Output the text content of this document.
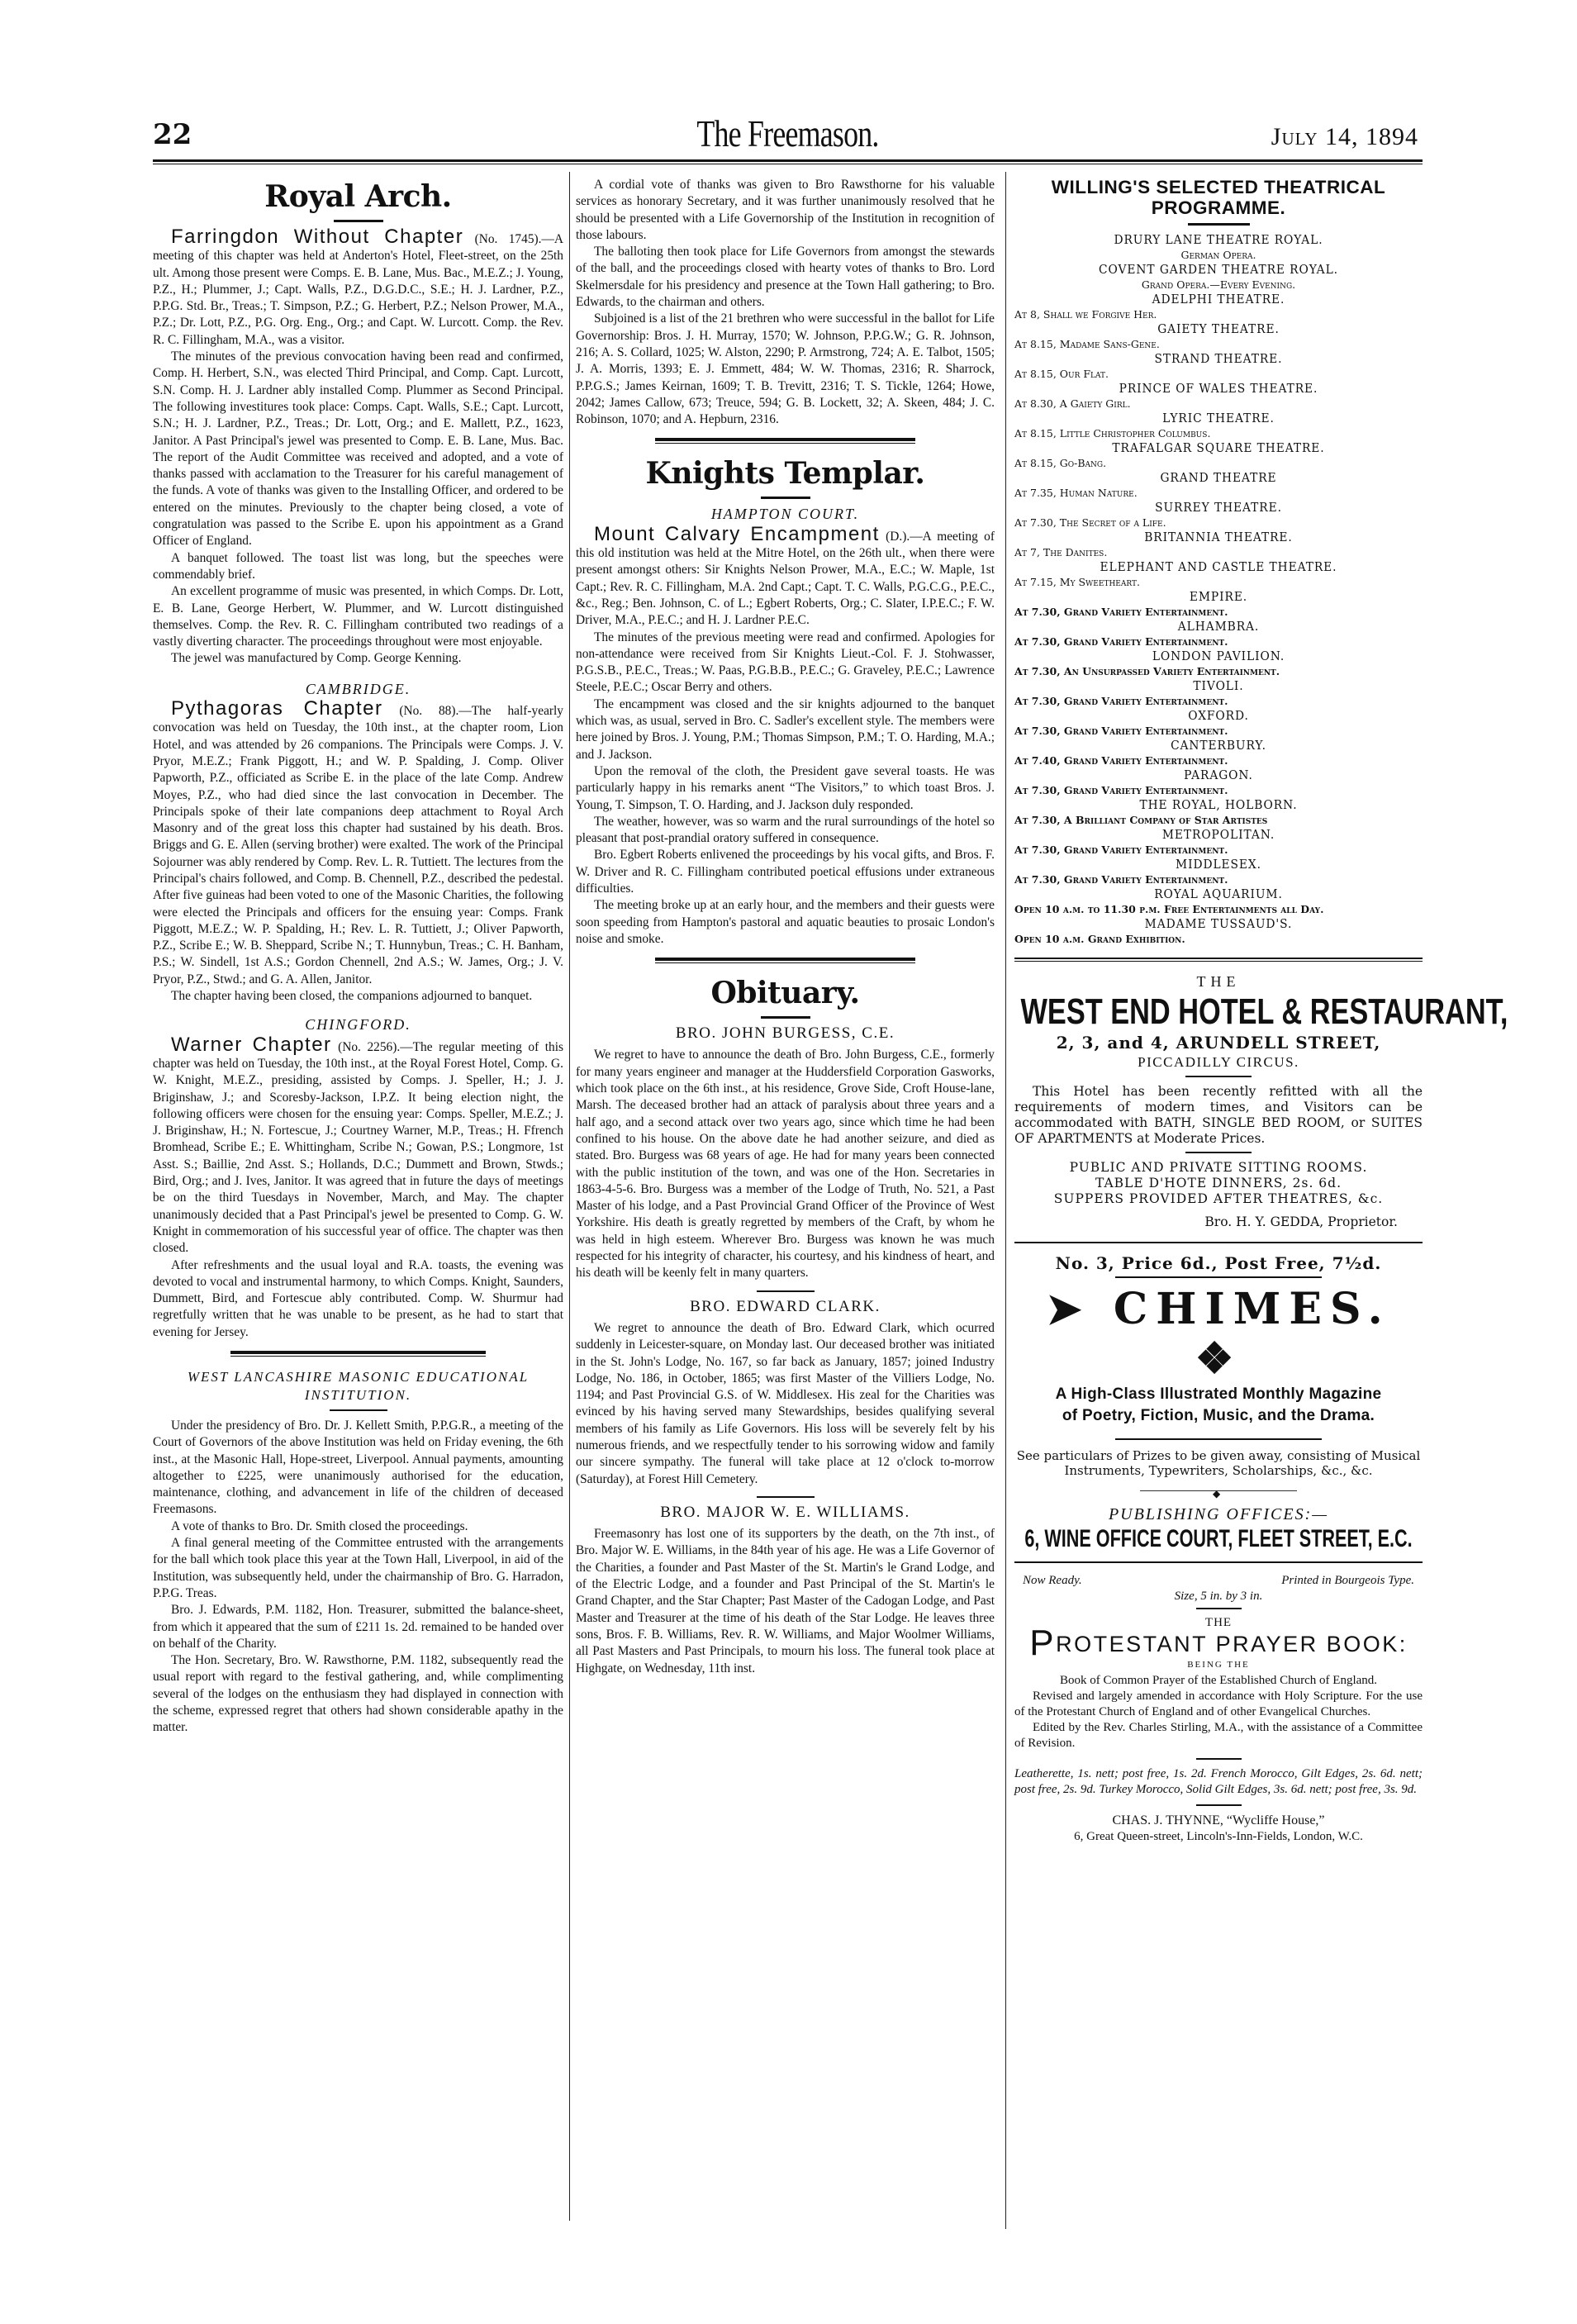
22	The Freemason.	July 14, 1894
Royal Arch.

Farringdon Without Chapter (No. 1745).—A meeting of this chapter was held at Anderton's Hotel, Fleet-street, on the 25th ult. Among those present were Comps. E. B. Lane, Mus. Bac., M.E.Z.; J. Young, P.Z., H.; Plummer, J.; Capt. Walls, P.Z., D.G.D.C., S.E.; H. J. Lardner, P.Z., P.P.G. Std. Br., Treas.; T. Simpson, P.Z.; G. Herbert, P.Z.; Nelson Prower, M.A., P.Z.; Dr. Lott, P.Z., P.G. Org. Eng., Org.; and Capt. W. Lurcott. Comp. the Rev. R. C. Fillingham, M.A., was a visitor.

The minutes of the previous convocation having been read and confirmed, Comp. H. Herbert, S.N., was elected Third Principal, and Comp. Capt. Lurcott, S.N. Comp. H. J. Lardner ably installed Comp. Plummer as Second Principal. The following investitures took place: Comps. Capt. Walls, S.E.; Capt. Lurcott, S.N.; H. J. Lardner, P.Z., Treas.; Dr. Lott, Org.; and E. Mallett, P.Z., 1623, Janitor. A Past Principal's jewel was presented to Comp. E. B. Lane, Mus. Bac. The report of the Audit Committee was received and adopted, and a vote of thanks passed with acclamation to the Treasurer for his careful management of the funds. A vote of thanks was given to the Installing Officer, and ordered to be entered on the minutes. Previously to the chapter being closed, a vote of congratulation was passed to the Scribe E. upon his appointment as a Grand Officer of England.

A banquet followed. The toast list was long, but the speeches were commendably brief.

An excellent programme of music was presented, in which Comps. Dr. Lott, E. B. Lane, George Herbert, W. Plummer, and W. Lurcott distinguished themselves. Comp. the Rev. R. C. Fillingham contributed two readings of a vastly diverting character. The proceedings throughout were most enjoyable.

The jewel was manufactured by Comp. George Kenning.

CAMBRIDGE.

Pythagoras Chapter (No. 88).—The half-yearly convocation was held on Tuesday, the 10th inst., at the chapter room, Lion Hotel, and was attended by 26 companions. The Principals were Comps. J. V. Pryor, M.E.Z.; Frank Piggott, H.; and W. P. Spalding, J. Comp. Oliver Papworth, P.Z., officiated as Scribe E. in the place of the late Comp. Andrew Moyes, P.Z., who had died since the last convocation in December. The Principals spoke of their late companions deep attachment to Royal Arch Masonry and of the great loss this chapter had sustained by his death. Bros. Briggs and G. E. Allen (serving brother) were exalted. The work of the Principal Sojourner was ably rendered by Comp. Rev. L. R. Tuttiett. The lectures from the Principal's chairs followed, and Comp. B. Chennell, P.Z., described the pedestal. After five guineas had been voted to one of the Masonic Charities, the following were elected the Principals and officers for the ensuing year: Comps. Frank Piggott, M.E.Z.; W. P. Spalding, H.; Rev. L. R. Tuttiett, J.; Oliver Papworth, P.Z., Scribe E.; W. B. Sheppard, Scribe N.; T. Hunnybun, Treas.; C. H. Banham, P.S.; W. Sindell, 1st A.S.; Gordon Chennell, 2nd A.S.; W. James, Org.; J. V. Pryor, P.Z., Stwd.; and G. A. Allen, Janitor.

The chapter having been closed, the companions adjourned to banquet.

CHINGFORD.

Warner Chapter (No. 2256).—The regular meeting of this chapter was held on Tuesday, the 10th inst., at the Royal Forest Hotel, Comp. G. W. Knight, M.E.Z., presiding, assisted by Comps. J. Speller, H.; J. J. Briginshaw, J.; and Scoresby-Jackson, I.P.Z. It being election night, the following officers were chosen for the ensuing year: Comps. Speller, M.E.Z.; J. J. Briginshaw, H.; N. Fortescue, J.; Courtney Warner, M.P., Treas.; H. Ffrench Bromhead, Scribe E.; E. Whittingham, Scribe N.; Gowan, P.S.; Longmore, 1st Asst. S.; Baillie, 2nd Asst. S.; Hollands, D.C.; Dummett and Brown, Stwds.; Bird, Org.; and J. Ives, Janitor. It was agreed that in future the days of meetings be on the third Tuesdays in November, March, and May. The chapter unanimously decided that a Past Principal's jewel be presented to Comp. G. W. Knight in commemoration of his successful year of office. The chapter was then closed.

After refreshments and the usual loyal and R.A. toasts, the evening was devoted to vocal and instrumental harmony, to which Comps. Knight, Saunders, Dummett, Bird, and Fortescue ably contributed. Comp. W. Shurmur had regretfully written that he was unable to be present, as he had to start that evening for Jersey.

WEST LANCASHIRE MASONIC EDUCATIONAL INSTITUTION.

Under the presidency of Bro. Dr. J. Kellett Smith, P.P.G.R., a meeting of the Court of Governors of the above Institution was held on Friday evening, the 6th inst., at the Masonic Hall, Hope-street, Liverpool. Annual payments, amounting altogether to £225, were unanimously authorised for the education, maintenance, clothing, and advancement in life of the children of deceased Freemasons.

A vote of thanks to Bro. Dr. Smith closed the proceedings.

A final general meeting of the Committee entrusted with the arrangements for the ball which took place this year at the Town Hall, Liverpool, in aid of the Institution, was subsequently held, under the chairmanship of Bro. G. Harradon, P.P.G. Treas.

Bro. J. Edwards, P.M. 1182, Hon. Treasurer, submitted the balance-sheet, from which it appeared that the sum of £211 1s. 2d. remained to be handed over on behalf of the Charity.

The Hon. Secretary, Bro. W. Rawsthorne, P.M. 1182, subsequently read the usual report with regard to the festival gathering, and, while complimenting several of the lodges on the enthusiasm they had displayed in connection with the scheme, expressed regret that others had shown considerable apathy in the matter.

A cordial vote of thanks was given to Bro Rawsthorne for his valuable services as honorary Secretary, and it was further unanimously resolved that he should be presented with a Life Governorship of the Institution in recognition of those labours.

The balloting then took place for Life Governors from amongst the stewards of the ball, and the proceedings closed with hearty votes of thanks to Bro. Lord Skelmersdale for his presidency and presence at the Town Hall gathering; to Bro. Edwards, to the chairman and others.

Subjoined is a list of the 21 brethren who were successful in the ballot for Life Governorship: Bros. J. H. Murray, 1570; W. Johnson, P.P.G.W.; G. R. Johnson, 216; A. S. Collard, 1025; W. Alston, 2290; P. Armstrong, 724; A. E. Talbot, 1505; J. A. Morris, 1393; E. J. Emmett, 484; W. W. Thomas, 2316; R. Sharrock, P.P.G.S.; James Keirnan, 1609; T. B. Trevitt, 2316; T. S. Tickle, 1264; Howe, 2042; James Callow, 673; Treuce, 594; G. B. Lockett, 32; A. Skeen, 484; J. C. Robinson, 1070; and A. Hepburn, 2316.

Knights Templar.
HAMPTON COURT.

Mount Calvary Encampment (D.).—A meeting of this old institution was held at the Mitre Hotel, on the 26th ult., when there were present amongst others: Sir Knights Nelson Prower, M.A., E.C.; W. Maple, 1st Capt.; Rev. R. C. Fillingham, M.A. 2nd Capt.; Capt. T. C. Walls, P.G.C.G., P.E.C., &c., Reg.; Ben. Johnson, C. of L.; Egbert Roberts, Org.; C. Slater, I.P.E.C.; F. W. Driver, M.A., P.E.C.; and H. J. Lardner P.E.C.

The minutes of the previous meeting were read and confirmed. Apologies for non-attendance were received from Sir Knights Lieut.-Col. F. J. Stohwasser, P.G.S.B., P.E.C., Treas.; W. Paas, P.G.B.B., P.E.C.; G. Graveley, P.E.C.; Lawrence Steele, P.E.C.; Oscar Berry and others.

The encampment was closed and the sir knights adjourned to the banquet which was, as usual, served in Bro. C. Sadler's excellent style. The members were here joined by Bros. J. Young, P.M.; Thomas Simpson, P.M.; T. O. Harding, M.A.; and J. Jackson.

Upon the removal of the cloth, the President gave several toasts. He was particularly happy in his remarks anent “The Visitors,” to which toast Bros. J. Young, T. Simpson, T. O. Harding, and J. Jackson duly responded.

The weather, however, was so warm and the rural surroundings of the hotel so pleasant that post-prandial oratory suffered in consequence.

Bro. Egbert Roberts enlivened the proceedings by his vocal gifts, and Bros. F. W. Driver and R. C. Fillingham contributed poetical effusions under extraneous difficulties.

The meeting broke up at an early hour, and the members and their guests were soon speeding from Hampton's pastoral and aquatic beauties to prosaic London's noise and smoke.

Obituary.
BRO. JOHN BURGESS, C.E.

We regret to have to announce the death of Bro. John Burgess, C.E., formerly for many years engineer and manager at the Huddersfield Corporation Gasworks, which took place on the 6th inst., at his residence, Grove Side, Croft House-lane, Marsh. The deceased brother had an attack of paralysis about three years and a half ago, and a second attack over two years ago, since which time he had been confined to his house. On the above date he had another seizure, and died as stated. Bro. Burgess was 68 years of age. He had for many years been connected with the public institution of the town, and was one of the Hon. Secretaries in 1863-4-5-6. Bro. Burgess was a member of the Lodge of Truth, No. 521, a Past Master of his lodge, and a Past Provincial Grand Officer of the Province of West Yorkshire. His death is greatly regretted by members of the Craft, by whom he was held in high esteem. Wherever Bro. Burgess was known he was much respected for his integrity of character, his courtesy, and his kindness of heart, and his death will be keenly felt in many quarters.

BRO. EDWARD CLARK.

We regret to announce the death of Bro. Edward Clark, which ocurred suddenly in Leicester-square, on Monday last. Our deceased brother was initiated in the St. John's Lodge, No. 167, so far back as January, 1857; joined Industry Lodge, No. 186, in October, 1865; was first Master of the Villiers Lodge, No. 1194; and Past Provincial G.S. of W. Middlesex. His zeal for the Charities was evinced by his having served many Stewardships, besides qualifying several members of his family as Life Governors. His loss will be severely felt by his numerous friends, and we respectfully tender to his sorrowing widow and family our sincere sympathy. The funeral will take place at 12 o'clock to-morrow (Saturday), at Forest Hill Cemetery.

BRO. MAJOR W. E. WILLIAMS.

Freemasonry has lost one of its supporters by the death, on the 7th inst., of Bro. Major W. E. Williams, in the 84th year of his age. He was a Life Governor of the Charities, a founder and Past Master of the St. Martin's le Grand Lodge, and of the Electric Lodge, and a founder and Past Principal of the St. Martin's le Grand Chapter, and the Star Chapter; Past Master of the Cadogan Lodge, and Past Master and Treasurer at the time of his death of the Star Lodge. He leaves three sons, Bros. F. B. Williams, Rev. R. W. Williams, and Major Woolmer Williams, all Past Masters and Past Principals, to mourn his loss. The funeral took place at Highgate, on Wednesday, 11th inst.

WILLING'S SELECTED THEATRICAL
PROGRAMME.
DRURY LANE THEATRE ROYAL.
German Opera.
COVENT GARDEN THEATRE ROYAL.
Grand Opera.—Every Evening.
ADELPHI THEATRE.
At 8, Shall we Forgive Her.
GAIETY THEATRE.
At 8.15, Madame Sans-Gene.
STRAND THEATRE.
At 8.15, Our Flat.
PRINCE OF WALES THEATRE.
At 8.30, A Gaiety Girl.
LYRIC THEATRE.
At 8.15, Little Christopher Columbus.
TRAFALGAR SQUARE THEATRE.
At 8.15, Go-Bang.
GRAND THEATRE
At 7.35, Human Nature.
SURREY THEATRE.
At 7.30, The Secret of a Life.
BRITANNIA THEATRE.
At 7, The Danites.
ELEPHANT AND CASTLE THEATRE.
At 7.15, My Sweetheart.
EMPIRE.
At 7.30, Grand Variety Entertainment.
ALHAMBRA.
At 7.30, Grand Variety Entertainment.
LONDON PAVILION.
At 7.30, An Unsurpassed Variety Entertainment.
TIVOLI.
At 7.30, Grand Variety Entertainment.
OXFORD.
At 7.30, Grand Variety Entertainment.
CANTERBURY.
At 7.40, Grand Variety Entertainment.
PARAGON.
At 7.30, Grand Variety Entertainment.
THE ROYAL, HOLBORN.
At 7.30, A Brilliant Company of Star Artistes
METROPOLITAN.
At 7.30, Grand Variety Entertainment.
MIDDLESEX.
At 7.30, Grand Variety Entertainment.
ROYAL AQUARIUM.
Open 10 a.m. to 11.30 p.m. Free Entertainments all Day.
MADAME TUSSAUD'S.
Open 10 a.m. Grand Exhibition.
THE
WEST END HOTEL & RESTAURANT,
2, 3, and 4, ARUNDELL STREET,
PICCADILLY CIRCUS.
This Hotel has been recently refitted with all the requirements of modern times, and Visitors can be accommodated with BATH, SINGLE BED ROOM, or SUITES OF APARTMENTS at Moderate Prices.
PUBLIC AND PRIVATE SITTING ROOMS.
TABLE D'HOTE DINNERS, 2s. 6d.
SUPPERS PROVIDED AFTER THEATRES, &c.
Bro. H. Y. GEDDA, Proprietor.
No. 3, Price 6d., Post Free, 7½d.
➤ CHIMES. ❖
A High-Class Illustrated Monthly Magazine
of Poetry, Fiction, Music, and the Drama.
See particulars of Prizes to be given away, consisting of Musical Instruments, Typewriters, Scholarships, &c., &c.
◆
PUBLISHING OFFICES:—
6, WINE OFFICE COURT, FLEET STREET, E.C.
Now Ready.	Printed in Bourgeois Type.
Size, 5 in. by 3 in.
THE
PROTESTANT PRAYER BOOK:
BEING THE
Book of Common Prayer of the Established Church of England.

Revised and largely amended in accordance with Holy Scripture. For the use of the Protestant Church of England and of other Evangelical Churches.

Edited by the Rev. Charles Stirling, M.A., with the assistance of a Committee of Revision.

Leatherette, 1s. nett; post free, 1s. 2d. French Morocco, Gilt Edges, 2s. 6d. nett; post free, 2s. 9d. Turkey Morocco, Solid Gilt Edges, 3s. 6d. nett; post free, 3s. 9d.
CHAS. J. THYNNE, “Wycliffe House,”
6, Great Queen-street, Lincoln's-Inn-Fields, London, W.C.
